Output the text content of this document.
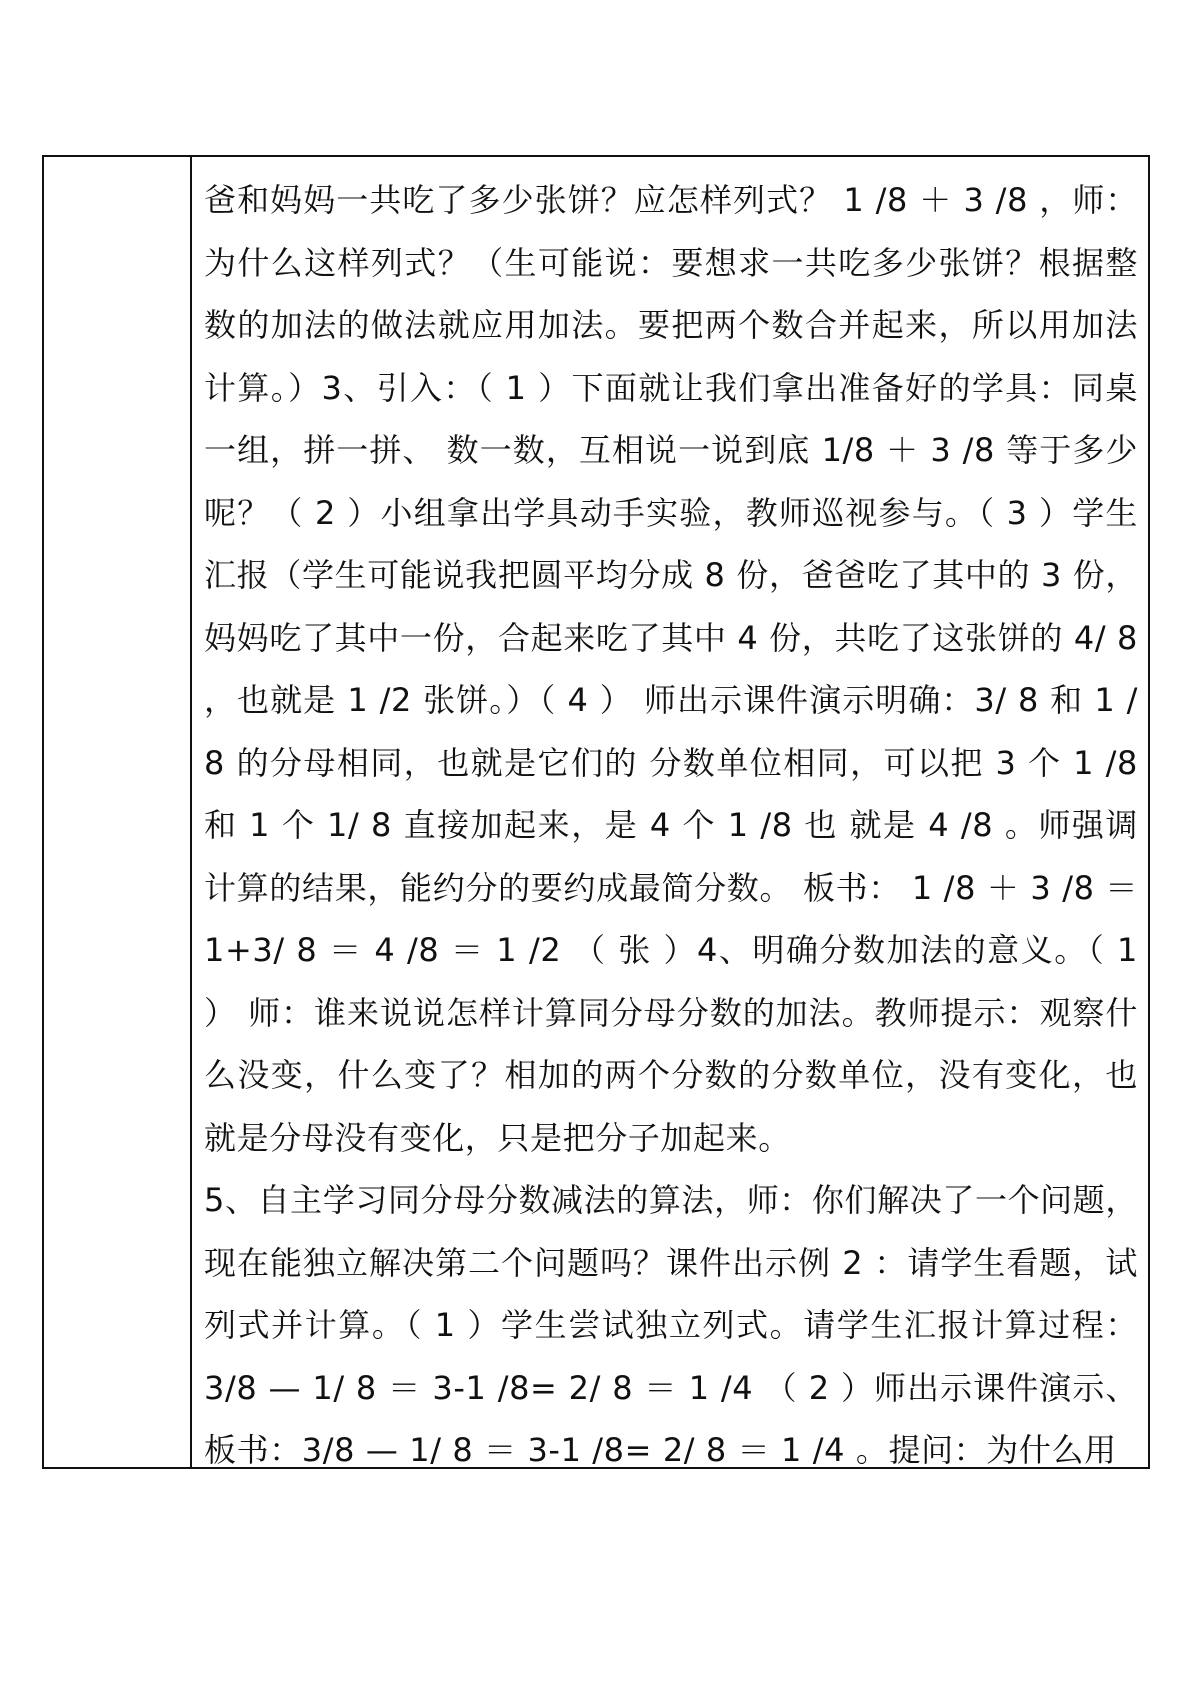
爸和妈妈一共吃了多少张饼？应怎样列式？ 1 /8 ＋ 3 /8 ，师：为什么这样列式？（生可能说：要想求一共吃多少张饼？根据整数的加法的做法就应用加法。要把两个数合并起来，所以用加法计算。）3、引入：（ 1 ）下面就让我们拿出准备好的学具：同桌一组，拼一拼、 数一数，互相说一说到底 1/8 ＋ 3 /8 等于多少呢？（ 2 ）小组拿出学具动手实验，教师巡视参与。（ 3 ）学生汇报（学生可能说我把圆平均分成 8 份，爸爸吃了其中的 3 份，妈妈吃了其中一份，合起来吃了其中 4 份，共吃了这张饼的 4/ 8 ，也就是 1 /2 张饼。）（ 4 ） 师出示课件演示明确：3/ 8 和 1 /8 的分母相同，也就是它们的 分数单位相同，可以把 3 个 1 /8 和 1 个 1/ 8 直接加起来，是 4 个 1 /8 也 就是 4 /8 。师强调计算的结果，能约分的要约成最简分数。 板书： 1 /8 ＋ 3 /8 ＝ 1+3/ 8 ＝ 4 /8 ＝ 1 /2 （ 张 ）4、明确分数加法的意义。（ 1 ） 师：谁来说说怎样计算同分母分数的加法。教师提示：观察什么没变，什么变了？相加的两个分数的分数单位，没有变化，也就是分母没有变化，只是把分子加起来。

5、自主学习同分母分数减法的算法，师：你们解决了一个问题，现在能独立解决第二个问题吗？课件出示例 2 ：请学生看题，试列式并计算。（ 1 ）学生尝试独立列式。请学生汇报计算过程：3/8 — 1/ 8 ＝ 3-1 /8= 2/ 8 ＝ 1 /4 （ 2 ）师出示课件演示、板书：3/8 — 1/ 8 ＝ 3-1 /8= 2/ 8 ＝ 1 /4 。提问：为什么用
